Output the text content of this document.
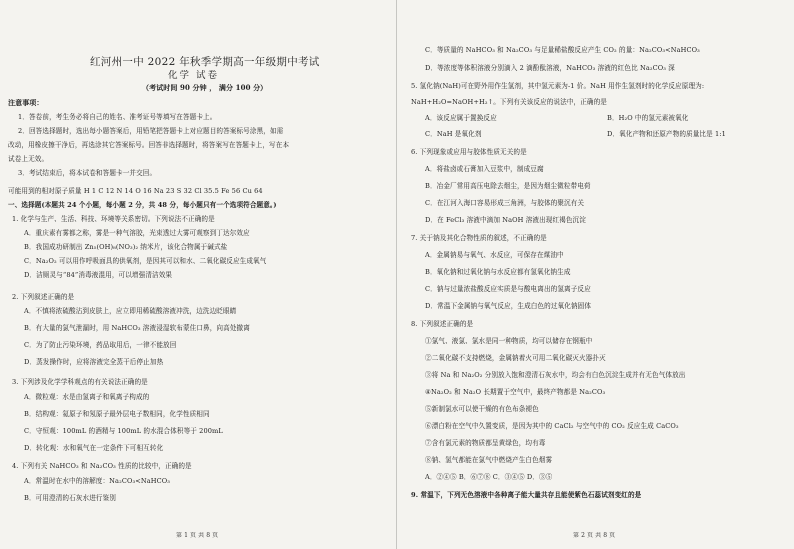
红河州一中 2022 年秋季学期高一年级期中考试
化学 试卷
（考试时间 90 分钟 ， 满分 100 分）
注意事项：
1．答卷前，考生务必将自己的姓名、准考证号等填写在答题卡上。
2．回答选择题时，选出每小题答案后，用铅笔把答题卡上对应题目的答案标号涂黑，如需
改动，用橡皮擦干净后，再选涂其它答案标号。回答非选择题时，将答案写在答题卡上，写在本
试卷上无效。
3．考试结束后，将本试卷和答题卡一并交回。
可能用到的相对原子质量 H 1 C 12 N 14 O 16 Na 23 S 32 Cl 35.5 Fe 56 Cu 64
一、选择题(本题共 24 个小题，每小题 2 分，共 48 分，每小题只有一个选项符合题意。)
1. 化学与生产、生活、科技、环境等关系密切。下列说法不正确的是
A．重庆素有雾都之称，雾是一种气溶胶，光束透过大雾可观察到丁达尔效应
B．我国成功研制出 Zn₅(OH)₈(NO₃)₂ 纳米片，该化合物属于碱式盐
C．Na₂O₂ 可以用作呼吸面具的供氧剂，是因其可以和水、二氧化碳反应生成氧气
D．洁厕灵与“84”消毒液混用，可以增强清洁效果
2. 下列叙述正确的是
A．不慎将浓硫酸沾到皮肤上，应立即用稀硫酸溶液冲洗，边洗边眨眼睛
B．有大量的氯气泄漏时，用 NaHCO₃ 溶液浸湿软布蒙住口鼻，向高处撤离
C．为了防止污染环境，药品取用后，一律不能放回
D．蒸发操作时，应将溶液完全蒸干后停止加热
3. 下列涉及化学学科观点的有关说法正确的是
A．微粒观：水是由氢离子和氧离子构成的
B．结构观：氦原子和氖原子最外层电子数相同，化学性质相同
C．守恒观：100mL 的酒精与 100mL 的水混合体积等于 200mL
D．转化观：水和氧气在一定条件下可相互转化
4. 下列有关 NaHCO₃ 和 Na₂CO₃ 性质的比较中，正确的是
A．常温时在水中的溶解度：Na₂CO₃<NaHCO₃
B．可用澄清的石灰水进行鉴别
第 1 页 共 8 页
C．等质量的 NaHCO₃ 和 Na₂CO₃ 与足量稀盐酸反应产生 CO₂ 的量：Na₂CO₃<NaHCO₃
D．等浓度等体积溶液分别滴入 2 滴酚酞溶液，NaHCO₃ 溶液的红色比 Na₂CO₃ 深
5. 氢化钠(NaH)可在野外用作生氢剂，其中氢元素为-1 价。NaH 用作生氢剂时的化学反应原理为:
NaH+H₂O=NaOH+H₂↑。下列有关该反应的说法中，正确的是
A．该反应属于置换反应	B．H₂O 中的氢元素被氧化
C．NaH 是氧化剂	D．氧化产物和还原产物的质量比是 1:1
6. 下列现象或应用与胶体性质无关的是
A．将盐卤或石膏加入豆浆中，制成豆腐
B．冶金厂常用高压电除去烟尘，是因为烟尘微粒带电荷
C．在江河入海口容易形成三角洲，与胶体的聚沉有关
D．在 FeCl₃ 溶液中滴加 NaOH 溶液出现红褐色沉淀
7. 关于钠及其化合物性质的叙述，不正确的是
A．金属钠易与氧气、水反应，可保存在煤油中
B．氧化钠和过氧化钠与水反应都有氢氧化钠生成
C．钠与过量浓盐酸反应实质是与酸电离出的氢离子反应
D．常温下金属钠与氧气反应，生成白色的过氧化钠固体
8. 下列叙述正确的是
①氯气、液氯、氯水是同一种物质，均可以储存在钢瓶中
②二氧化碳不支持燃烧，金属钠着火可用二氧化碳灭火器扑灭
③将 Na 和 Na₂O₂ 分别放入饱和澄清石灰水中，均会有白色沉淀生成并有无色气体放出
④Na₂O₂ 和 Na₂O 长期置于空气中，最终产物都是 Na₂CO₃
⑤新制氯水可以使干燥的有色布条褪色
⑥漂白粉在空气中久置变质，是因为其中的 CaCl₂ 与空气中的 CO₂ 反应生成 CaCO₃
⑦含有氯元素的物质都呈黄绿色，均有毒
⑧钠、氢气都能在氯气中燃烧产生白色烟雾
A．②④⑤ B．⑥⑦⑧ C．③④⑤ D．③⑤
9. 常温下，下列无色溶液中各种离子能大量共存且能使紫色石蕊试剂变红的是
第 2 页 共 8 页
